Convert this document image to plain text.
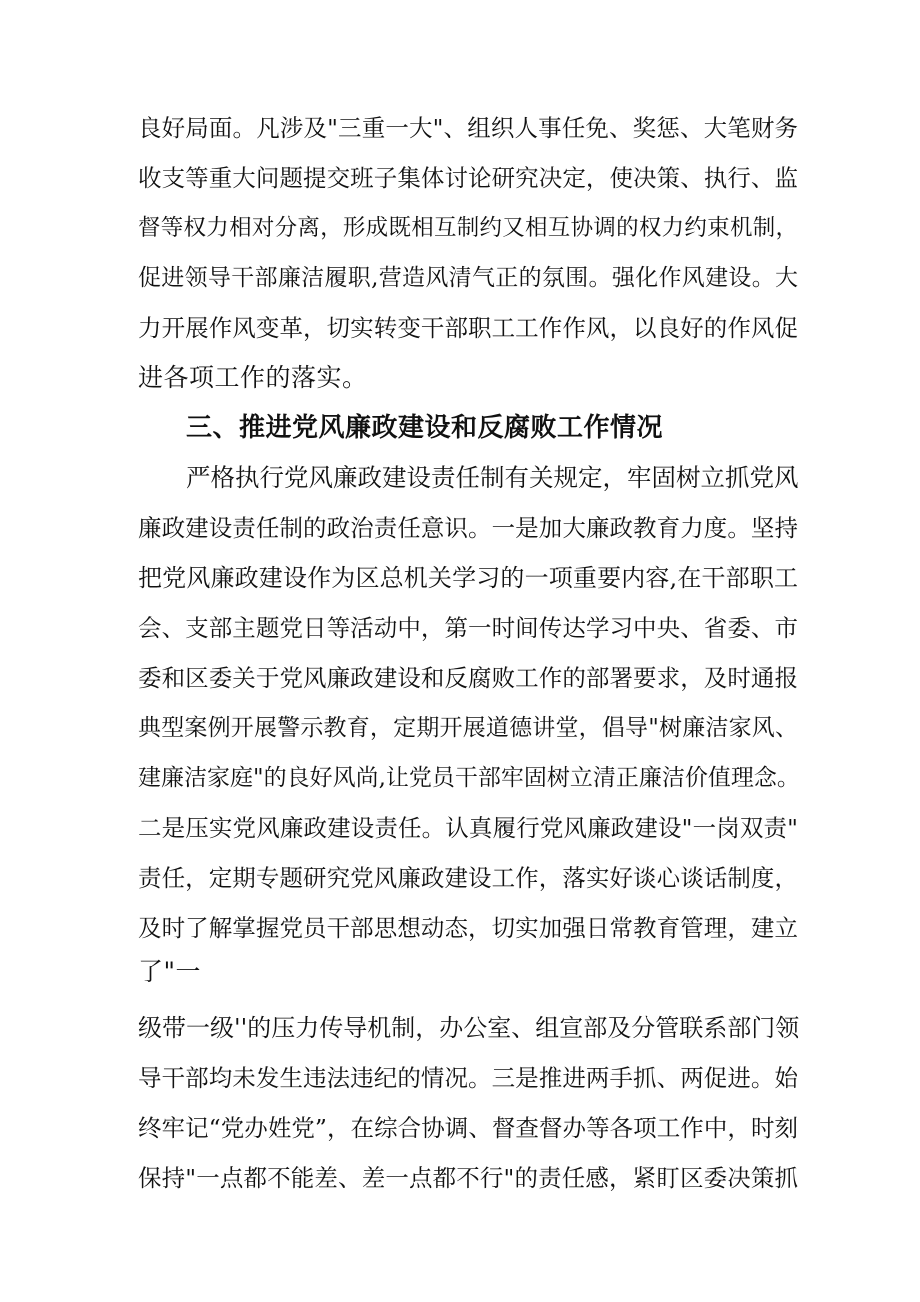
良好局面。凡涉及"三重一大"、组织人事任免、奖惩、大笔财务
收支等重大问题提交班子集体讨论研究决定，使决策、执行、监
督等权力相对分离，形成既相互制约又相互协调的权力约束机制，
促进领导干部廉洁履职,营造风清气正的氛围。强化作风建设。大
力开展作风变革，切实转变干部职工工作作风，以良好的作风促
进各项工作的落实。
三、推进党风廉政建设和反腐败工作情况
严格执行党风廉政建设责任制有关规定，牢固树立抓党风
廉政建设责任制的政治责任意识。一是加大廉政教育力度。坚持
把党风廉政建设作为区总机关学习的一项重要内容,在干部职工
会、支部主题党日等活动中，第一时间传达学习中央、省委、市
委和区委关于党风廉政建设和反腐败工作的部署要求，及时通报
典型案例开展警示教育，定期开展道德讲堂，倡导"树廉洁家风、
建廉洁家庭"的良好风尚,让党员干部牢固树立清正廉洁价值理念。
二是压实党风廉政建设责任。认真履行党风廉政建设"一岗双责"
责任，定期专题研究党风廉政建设工作，落实好谈心谈话制度，
及时了解掌握党员干部思想动态，切实加强日常教育管理，建立
了"一
级带一级''的压力传导机制，办公室、组宣部及分管联系部门领
导干部均未发生违法违纪的情况。三是推进两手抓、两促进。始
终牢记“党办姓党”，在综合协调、督查督办等各项工作中，时刻
保持"一点都不能差、差一点都不行"的责任感，紧盯区委决策抓
